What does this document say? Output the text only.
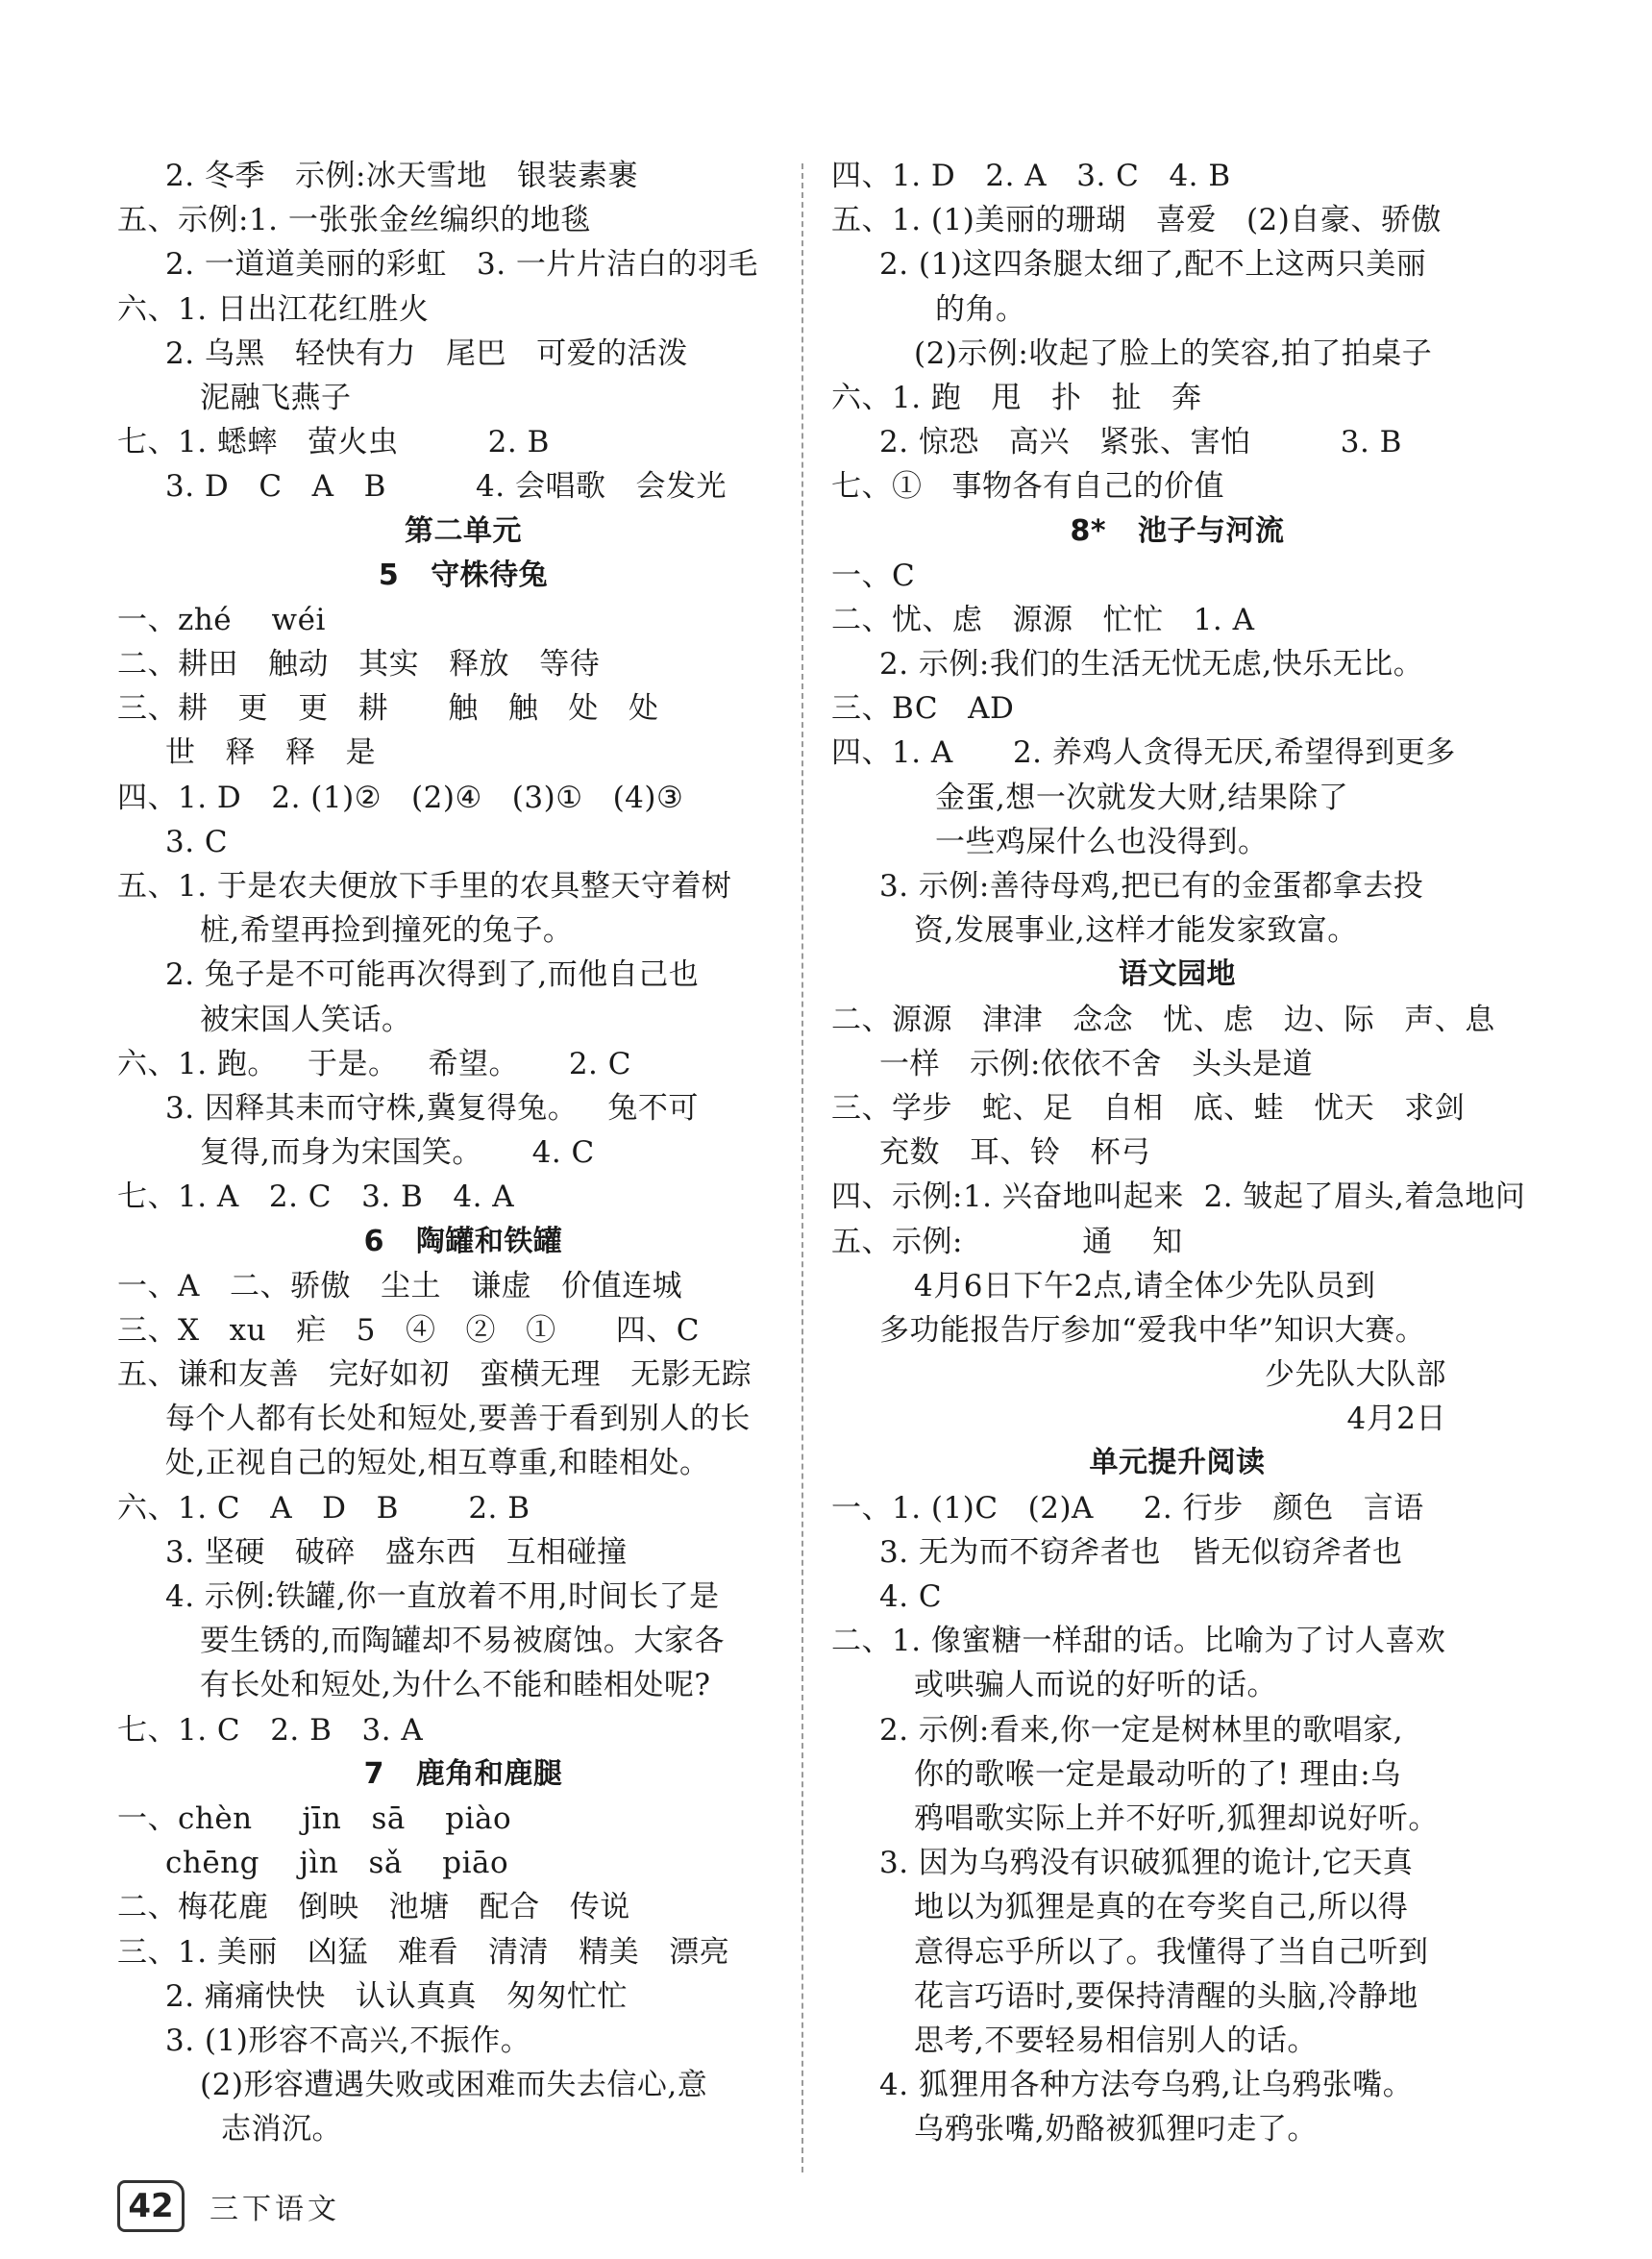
2. 冬季   示例:冰天雪地   银装素裹
五、示例:1. 一张张金丝编织的地毯
2. 一道道美丽的彩虹   3. 一片片洁白的羽毛
六、1. 日出江花红胜火
2. 乌黑   轻快有力   尾巴   可爱的活泼
泥融飞燕子
七、1. 蟋蟀   萤火虫         2. B
3. D   C   A   B         4. 会唱歌   会发光
第二单元
5   守株待兔
一、zhé    wéi
二、耕田   触动   其实   释放   等待
三、耕   更   更   耕      触   触   处   处
世   释   释   是
四、1. D   2. (1)②   (2)④   (3)①   (4)③
3. C
五、1. 于是农夫便放下手里的农具整天守着树
桩,希望再捡到撞死的兔子。
2. 兔子是不可能再次得到了,而他自己也
被宋国人笑话。
六、1. 跑。   于是。   希望。     2. C
3. 因释其耒而守株,冀复得兔。   兔不可
复得,而身为宋国笑。     4. C
七、1. A   2. C   3. B   4. A
6   陶罐和铁罐
一、A   二、骄傲   尘土   谦虚   价值连城
三、X   xu   疟   5   ④   ②   ①      四、C
五、谦和友善   完好如初   蛮横无理   无影无踪
每个人都有长处和短处,要善于看到别人的长
处,正视自己的短处,相互尊重,和睦相处。
六、1. C   A   D   B       2. B
3. 坚硬   破碎   盛东西   互相碰撞
4. 示例:铁罐,你一直放着不用,时间长了是
要生锈的,而陶罐却不易被腐蚀。大家各
有长处和短处,为什么不能和睦相处呢?
七、1. C   2. B   3. A
7   鹿角和鹿腿
一、chèn     jīn   sā    piào
chēng    jìn   sǎ    piāo
二、梅花鹿   倒映   池塘   配合   传说
三、1. 美丽   凶猛   难看   清清   精美   漂亮
2. 痛痛快快   认认真真   匆匆忙忙
3. (1)形容不高兴,不振作。
(2)形容遭遇失败或困难而失去信心,意
志消沉。
四、1. D   2. A   3. C   4. B
五、1. (1)美丽的珊瑚   喜爱   (2)自豪、骄傲
2. (1)这四条腿太细了,配不上这两只美丽
的角。
(2)示例:收起了脸上的笑容,拍了拍桌子
六、1. 跑   甩   扑   扯   奔
2. 惊恐   高兴   紧张、害怕         3. B
七、①   事物各有自己的价值
8*   池子与河流
一、C
二、忧、虑   源源   忙忙   1. A
2. 示例:我们的生活无忧无虑,快乐无比。
三、BC   AD
四、1. A      2. 养鸡人贪得无厌,希望得到更多
金蛋,想一次就发大财,结果除了
一些鸡屎什么也没得到。
3. 示例:善待母鸡,把已有的金蛋都拿去投
资,发展事业,这样才能发家致富。
语文园地
二、源源   津津   念念   忧、虑   边、际   声、息
一样   示例:依依不舍   头头是道
三、学步   蛇、足   自相   底、蛙   忧天   求剑
充数   耳、铃   杯弓
四、示例:1. 兴奋地叫起来  2. 皱起了眉头,着急地问
五、示例:            通    知
4月6日下午2点,请全体少先队员到
多功能报告厅参加“爱我中华”知识大赛。
少先队大队部
4月2日
单元提升阅读
一、1. (1)C   (2)A     2. 行步   颜色   言语
3. 无为而不窃斧者也   皆无似窃斧者也
4. C
二、1. 像蜜糖一样甜的话。比喻为了讨人喜欢
或哄骗人而说的好听的话。
2. 示例:看来,你一定是树林里的歌唱家,
你的歌喉一定是最动听的了! 理由:乌
鸦唱歌实际上并不好听,狐狸却说好听。
3. 因为乌鸦没有识破狐狸的诡计,它天真
地以为狐狸是真的在夸奖自己,所以得
意得忘乎所以了。我懂得了当自己听到
花言巧语时,要保持清醒的头脑,冷静地
思考,不要轻易相信别人的话。
4. 狐狸用各种方法夸乌鸦,让乌鸦张嘴。
乌鸦张嘴,奶酪被狐狸叼走了。
42	三下语文
